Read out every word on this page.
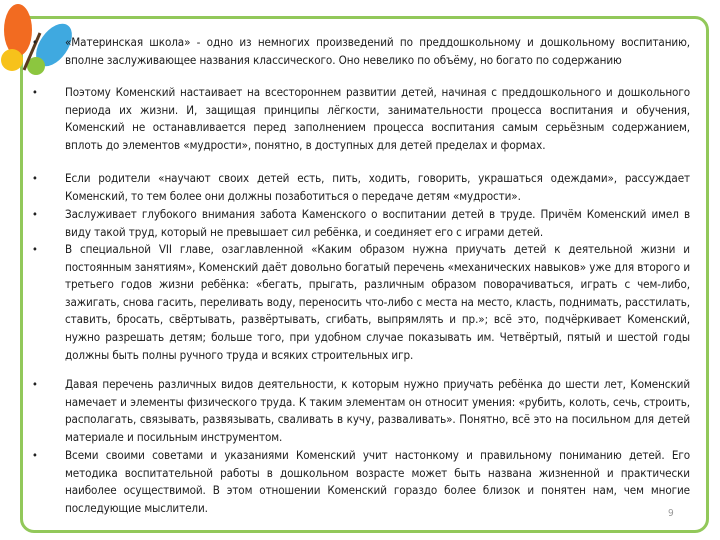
•	«Материнская школа» - одно из немногих произведений по преддошкольному и дошкольному воспитанию, вполне заслуживающее названия классического. Оно невелико по объёму, но богато по содержанию
•	Поэтому Коменский настаивает на всестороннем развитии детей, начиная с преддошкольного и дошкольного периода их жизни. И, защищая принципы лёгкости, занимательности процесса воспитания и обучения, Коменский не останавливается перед заполнением процесса воспитания самым серьёзным содержанием, вплоть до элементов «мудрости», понятно, в доступных для детей пределах и формах.
•	Если родители «научают своих детей есть, пить, ходить, говорить, украшаться одеждами», рассуждает Коменский, то тем более они должны позаботиться о передаче детям «мудрости».
•	Заслуживает глубокого внимания забота Каменского о воспитании детей в труде. Причём Коменский имел в виду такой труд, который не превышает сил ребёнка, и соединяет его с играми детей.
•	В специальной VII главе, озаглавленной «Каким образом нужна приучать детей к деятельной жизни и постоянным занятиям», Коменский даёт довольно богатый перечень «механических навыков» уже для второго и третьего годов жизни ребёнка: «бегать, прыгать, различным образом поворачиваться, играть с чем-либо, зажигать, снова гасить, переливать воду, переносить что-либо с места на место, класть, поднимать, расстилать, ставить, бросать, свёртывать, развёртывать, сгибать, выпрямлять и пр.»; всё это, подчёркивает Коменский, нужно разрешать детям; больше того, при удобном случае показывать им. Четвёртый, пятый и шестой годы должны быть полны ручного труда и всяких строительных игр.
•	Давая перечень различных видов деятельности, к которым нужно приучать ребёнка до шести лет, Коменский намечает и элементы физического труда. К таким элементам он относит умения: «рубить, колоть, сечь, строить, располагать, связывать, развязывать, сваливать в кучу, разваливать». Понятно, всё это на посильном для детей материале и посильным инструментом.
•	Всеми своими советами и указаниями Коменский учит настонкому и правильному пониманию детей. Его методика воспитательной работы в дошкольном возрасте может быть названа жизненной и практически наиболее осуществимой. В этом отношении Коменский гораздо более близок и понятен нам, чем многие последующие мыслители.	9
